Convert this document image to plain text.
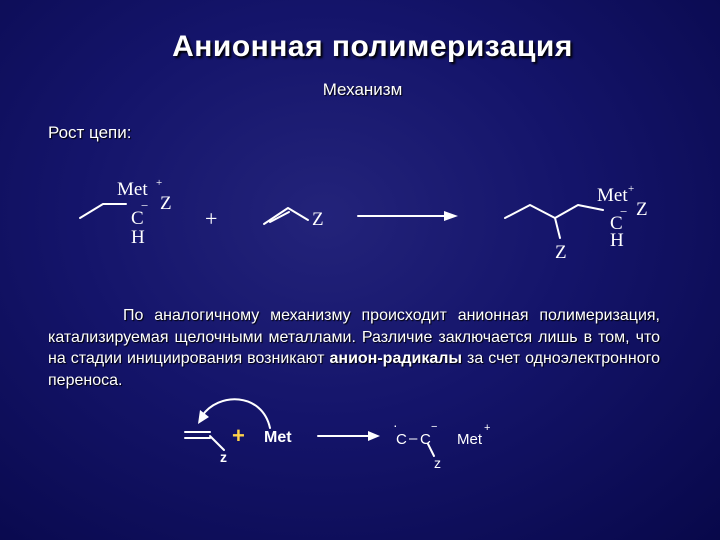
Анионная полимеризация
Механизм
Рост цепи:
Met +
Z
−
C
H
+	Z
Met +
Z
−
C
H
Z
z
+ Met	C
·
– C
−
Met
+
z
По аналогичному механизму происходит анионная полимеризация, катализируемая щелочными металлами. Различие заключается лишь в том, что на стадии инициирования возникают анион-радикалы за счет одноэлектронного переноса.
